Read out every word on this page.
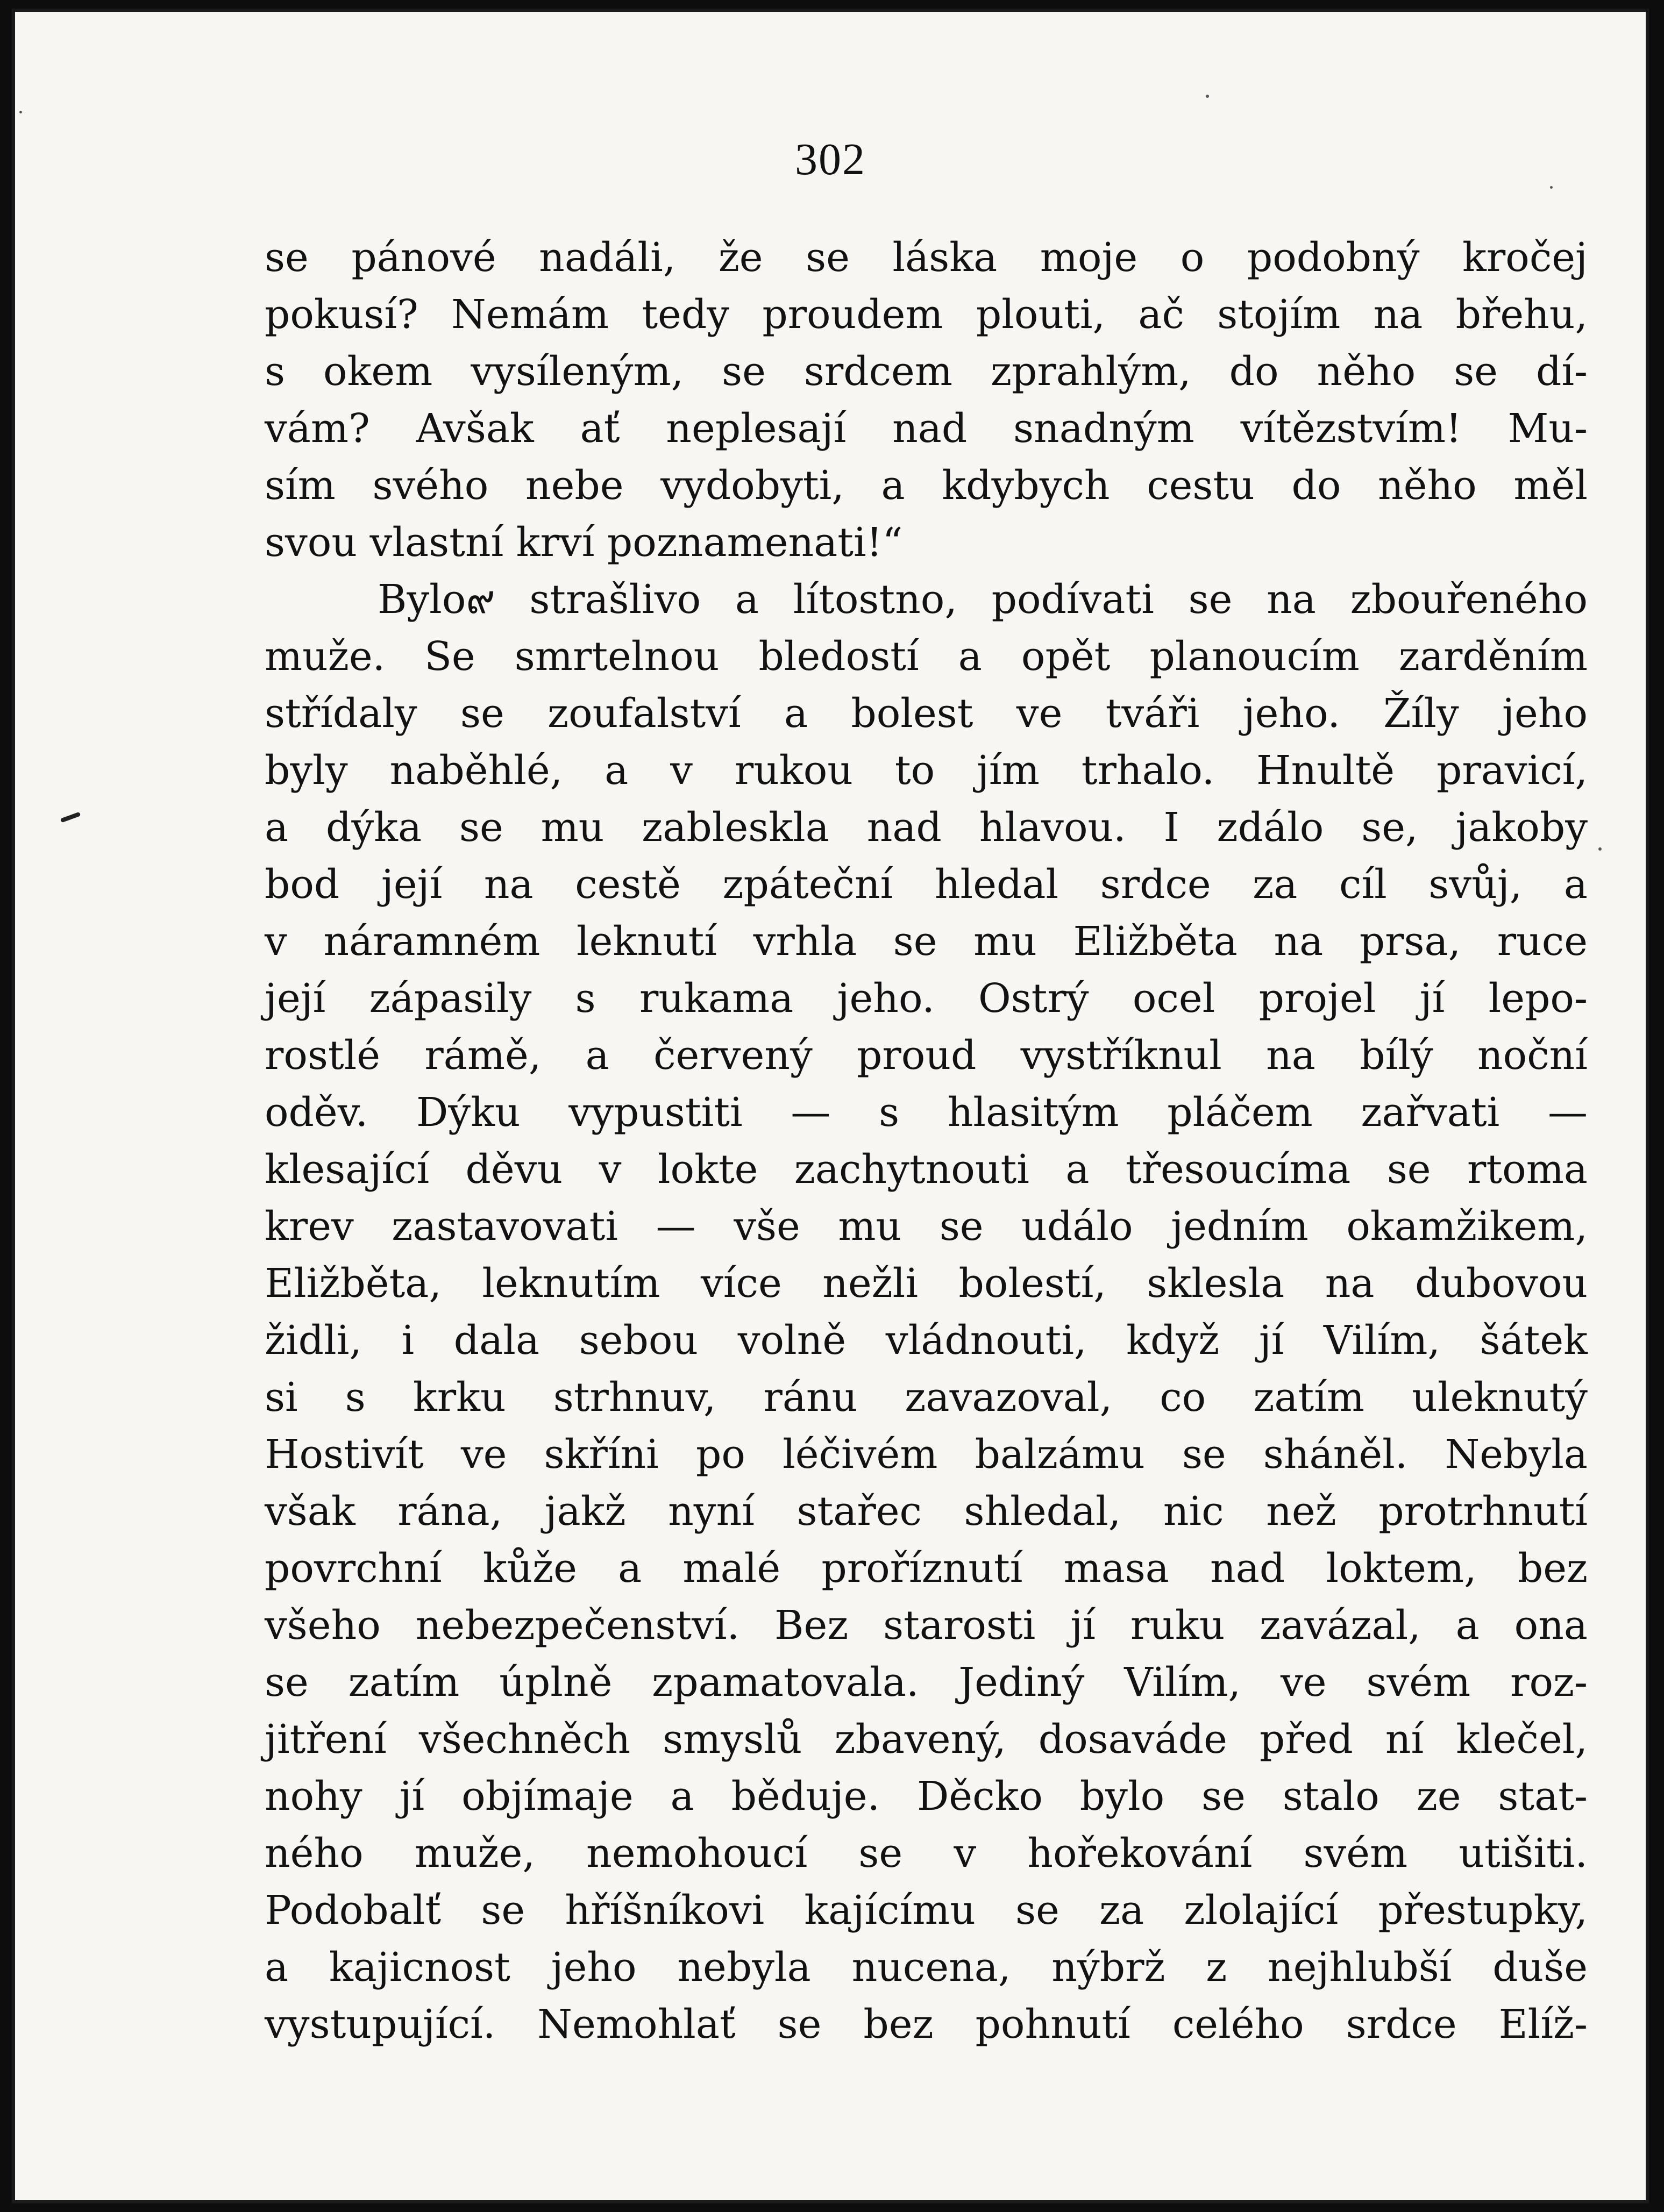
302
se pánové nadáli, že se láska moje o podobný kročej
pokusí? Nemám tedy proudem plouti, ač stojím na břehu,
s okem vysíleným, se srdcem zprahlým, do něho se dí-
vám? Avšak ať neplesají nad snadným vítězstvím! Mu-
sím svého nebe vydobyti, a kdybych cestu do něho měl
svou vlastní krví poznamenati!“
Bylo๙ strašlivo a lítostno, podívati se na zbouřeného
muže. Se smrtelnou bledostí a opět planoucím zarděním
střídaly se zoufalství a bolest ve tváři jeho. Žíly jeho
byly naběhlé, a v rukou to jím trhalo. Hnultě pravicí,
a dýka se mu zableskla nad hlavou. I zdálo se, jakoby
bod její na cestě zpáteční hledal srdce za cíl svůj, a
v náramném leknutí vrhla se mu Eližběta na prsa, ruce
její zápasily s rukama jeho. Ostrý ocel projel jí lepo-
rostlé rámě, a červený proud vystříknul na bílý noční
oděv. Dýku vypustiti — s hlasitým pláčem zařvati —
klesající děvu v lokte zachytnouti a třesoucíma se rtoma
krev zastavovati — vše mu se událo jedním okamžikem,
Eližběta, leknutím více nežli bolestí, sklesla na dubovou
židli, i dala sebou volně vládnouti, když jí Vilím, šátek
si s krku strhnuv, ránu zavazoval, co zatím uleknutý
Hostivít ve skříni po léčivém balzámu se sháněl. Nebyla
však rána, jakž nyní stařec shledal, nic než protrhnutí
povrchní kůže a malé proříznutí masa nad loktem, bez
všeho nebezpečenství. Bez starosti jí ruku zavázal, a ona
se zatím úplně zpamatovala. Jediný Vilím, ve svém roz-
jitření všechněch smyslů zbavený, dosaváde před ní klečel,
nohy jí objímaje a běduje. Děcko bylo se stalo ze stat-
ného muže, nemohoucí se v hořekování svém utišiti.
Podobalť se hříšníkovi kajícímu se za zlolající přestupky,
a kajicnost jeho nebyla nucena, nýbrž z nejhlubší duše
vystupující. Nemohlať se bez pohnutí celého srdce Elíž-
